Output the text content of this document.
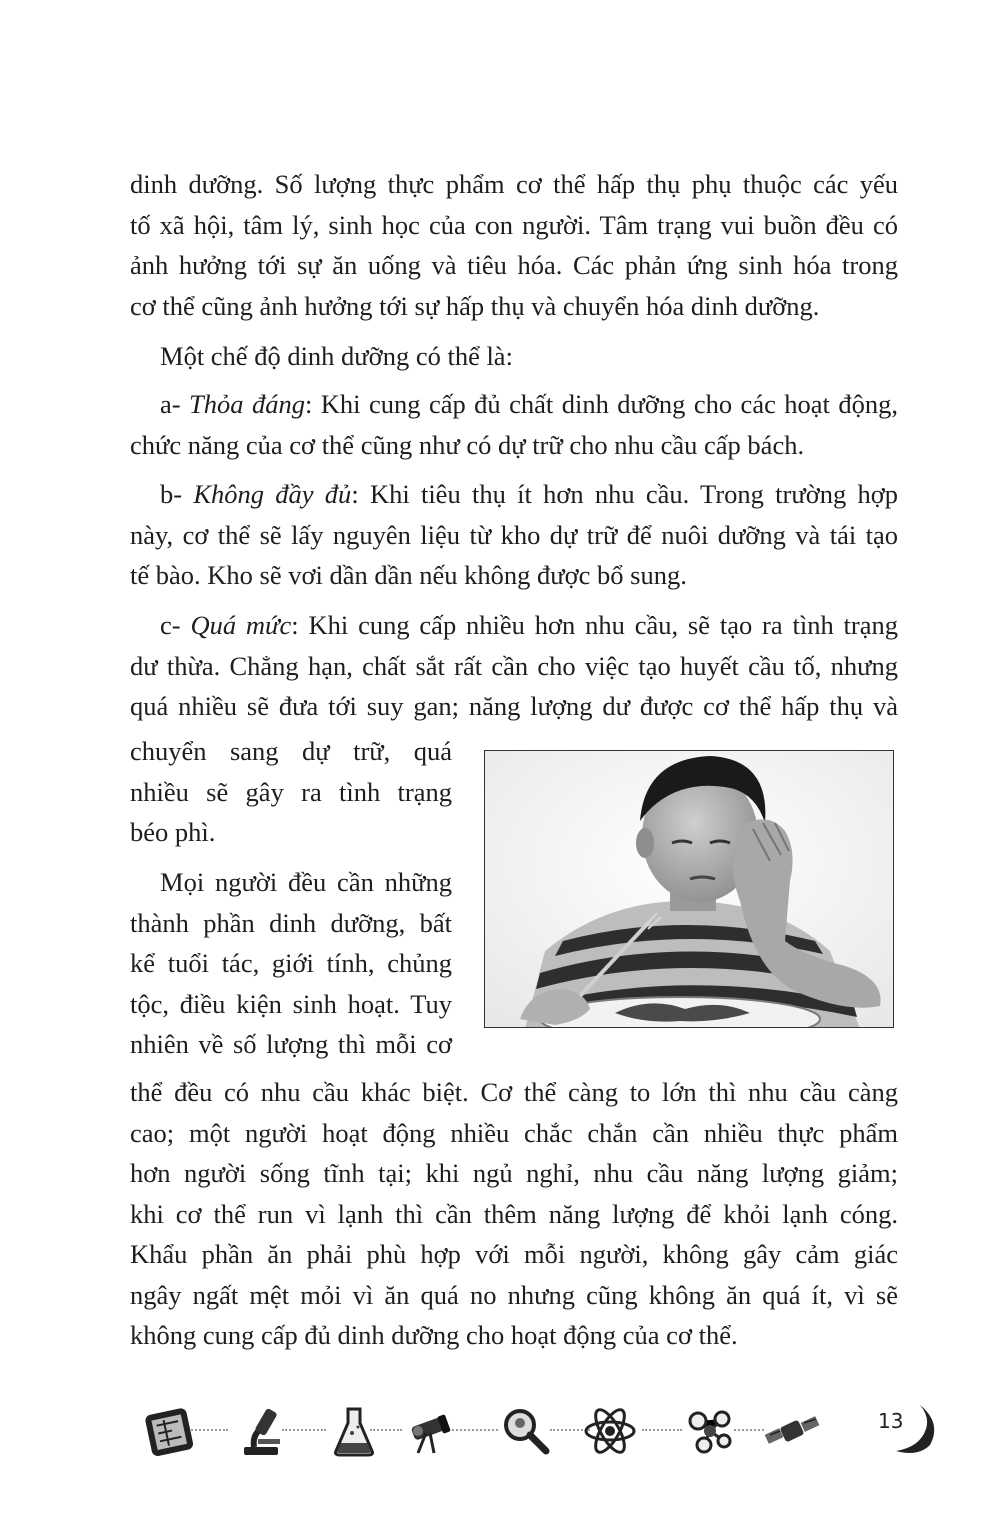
dinh dưỡng. Số lượng thực phẩm cơ thể hấp thụ phụ thuộc các yếu
tố xã hội, tâm lý, sinh học của con người. Tâm trạng vui buồn đều có
ảnh hưởng tới sự ăn uống và tiêu hóa. Các phản ứng sinh hóa trong
cơ thể cũng ảnh hưởng tới sự hấp thụ và chuyển hóa dinh dưỡng.
Một chế độ dinh dưỡng có thể là:
a- Thỏa đáng: Khi cung cấp đủ chất dinh dưỡng cho các hoạt động,
chức năng của cơ thể cũng như có dự trữ cho nhu cầu cấp bách.
b- Không đầy đủ: Khi tiêu thụ ít hơn nhu cầu. Trong trường hợp
này, cơ thể sẽ lấy nguyên liệu từ kho dự trữ để nuôi dưỡng và tái tạo
tế bào. Kho sẽ vơi dần dần nếu không được bổ sung.
c- Quá mức: Khi cung cấp nhiều hơn nhu cầu, sẽ tạo ra tình trạng
dư thừa. Chẳng hạn, chất sắt rất cần cho việc tạo huyết cầu tố, nhưng
quá nhiều sẽ đưa tới suy gan; năng lượng dư được cơ thể hấp thụ và
chuyển sang dự trữ, quá
nhiều sẽ gây ra tình trạng
béo phì.
Mọi người đều cần những
thành phần dinh dưỡng, bất
kể tuổi tác, giới tính, chủng
tộc, điều kiện sinh hoạt. Tuy
nhiên về số lượng thì mỗi cơ
thể đều có nhu cầu khác biệt. Cơ thể càng to lớn thì nhu cầu càng
cao; một người hoạt động nhiều chắc chắn cần nhiều thực phẩm
hơn người sống tĩnh tại; khi ngủ nghỉ, nhu cầu năng lượng giảm;
khi cơ thể run vì lạnh thì cần thêm năng lượng để khỏi lạnh cóng.
Khẩu phần ăn phải phù hợp với mỗi người, không gây cảm giác
ngây ngất mệt mỏi vì ăn quá no nhưng cũng không ăn quá ít, vì sẽ
không cung cấp đủ dinh dưỡng cho hoạt động của cơ thể.
13
